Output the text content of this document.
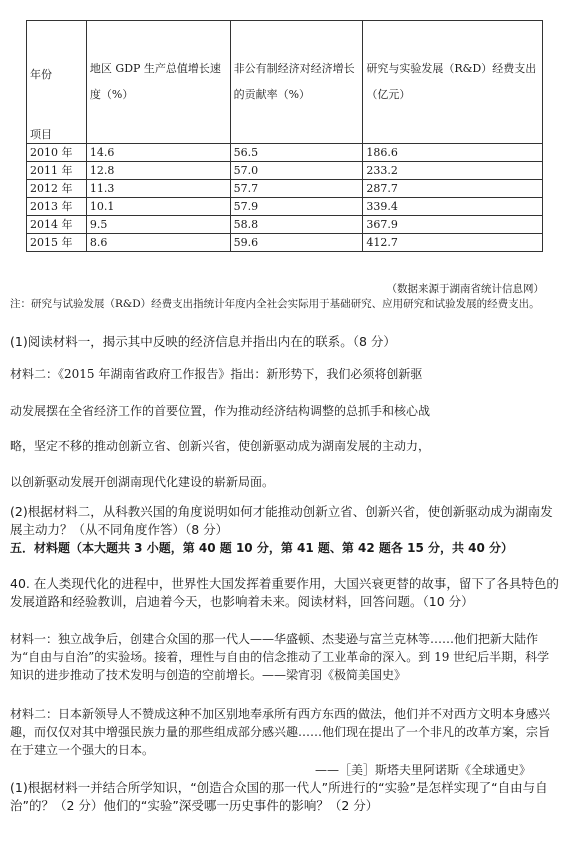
年份
项目	地区 GDP 生产总值增长速度（%）	非公有制经济对经济增长的贡献率（%）	研究与实验发展（R&D）经费支出（亿元）
2010 年	14.6	56.5	186.6
2011 年	12.8	57.0	233.2
2012 年	11.3	57.7	287.7
2013 年	10.1	57.9	339.4
2014 年	9.5	58.8	367.9
2015 年	8.6	59.6	412.7
（数据来源于湖南省统计信息网）
注：研究与试验发展（R&D）经费支出指统计年度内全社会实际用于基础研究、应用研究和试验发展的经费支出。
(1)阅读材料一，揭示其中反映的经济信息并指出内在的联系。（8 分）
材料二：《2015 年湖南省政府工作报告》指出：新形势下，我们必须将创新驱
动发展摆在全省经济工作的首要位置，作为推动经济结构调整的总抓手和核心战
略，坚定不移的推动创新立省、创新兴省，使创新驱动成为湖南发展的主动力，
以创新驱动发展开创湖南现代化建设的崭新局面。
(2)根据材料二，从科教兴国的角度说明如何才能推动创新立省、创新兴省，使创新驱动成为湖南发展主动力？（从不同角度作答）（8 分）
五．材料题（本大题共 3 小题，第 40 题 10 分，第 41 题、第 42 题各 15 分，共 40 分）
40. 在人类现代化的进程中，世界性大国发挥着重要作用，大国兴衰更替的故事，留下了各具特色的发展道路和经验教训，启迪着今天，也影响着未来。阅读材料，回答问题。（10 分）
材料一：独立战争后，创建合众国的那一代人——华盛顿、杰斐逊与富兰克林等……他们把新大陆作为“自由与自治”的实验场。接着，理性与自由的信念推动了工业革命的深入。到 19 世纪后半期，科学知识的进步推动了技术发明与创造的空前增长。——梁宵羽《极简美国史》
材料二：日本新领导人不赞成这种不加区别地奉承所有西方东西的做法，他们并不对西方文明本身感兴趣，而仅仅对其中增强民族力量的那些组成部分感兴趣……他们现在提出了一个非凡的改革方案，宗旨在于建立一个强大的日本。
——［美］斯塔夫里阿诺斯《全球通史》
(1)根据材料一并结合所学知识，“创造合众国的那一代人”所进行的“实验”是怎样实现了“自由与自治”的？（2 分）他们的“实验”深受哪一历史事件的影响？（2 分）
